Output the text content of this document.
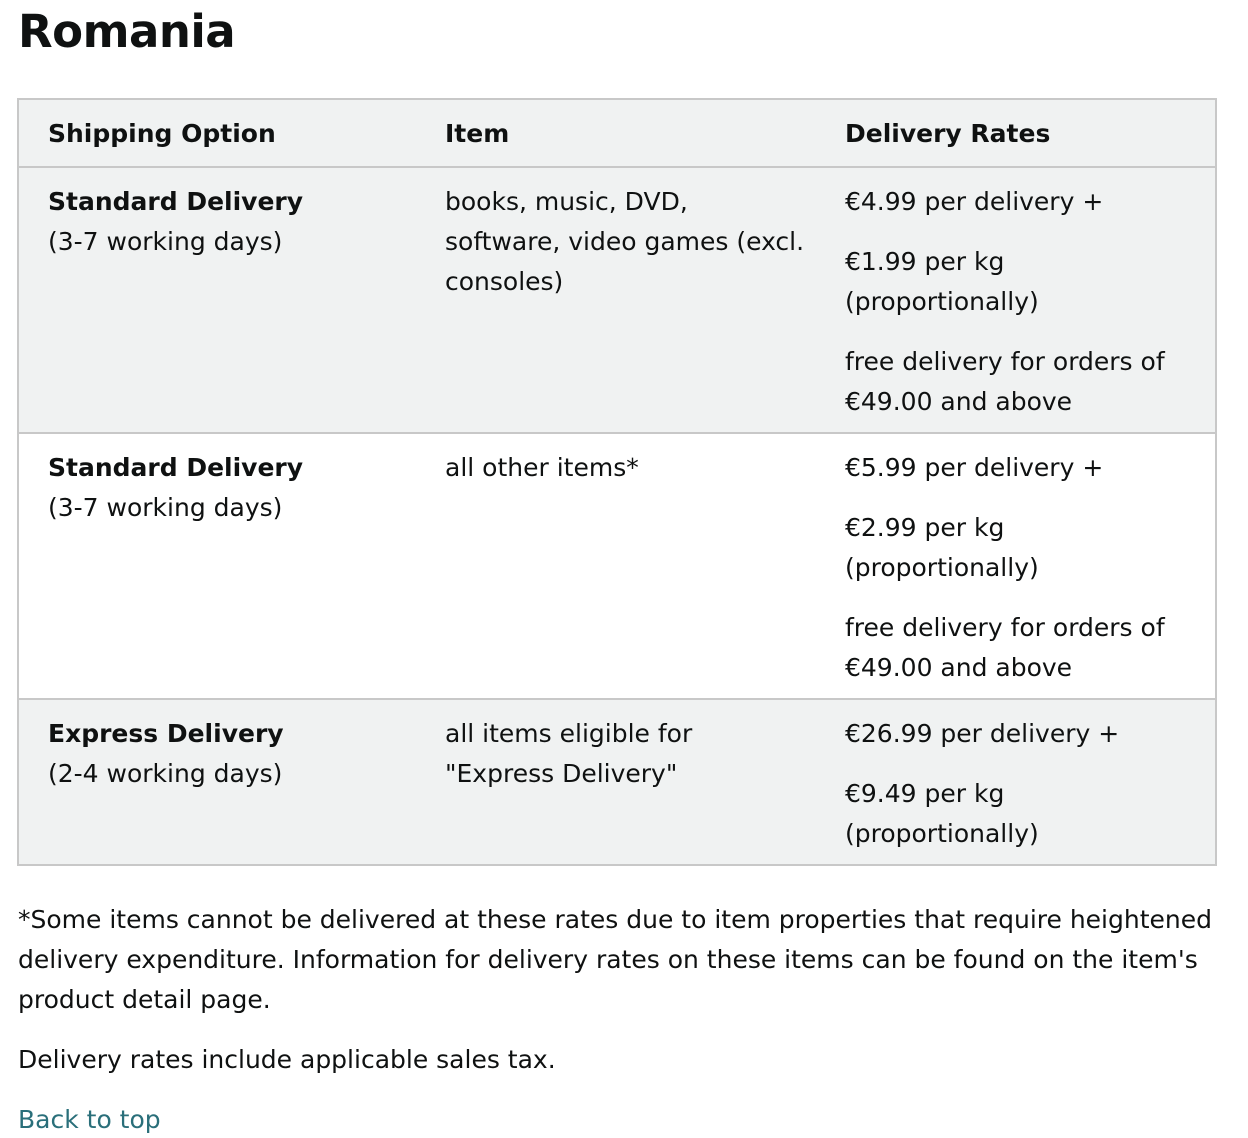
Romania
Shipping Option	Item	Delivery Rates

Standard Delivery
(3-7 working days)	books, music, DVD, software, video games (excl. consoles)	€4.99 per delivery +
€1.99 per kg (proportionally)
free delivery for orders of €49.00 and above

Standard Delivery
(3-7 working days)	all other items*	€5.99 per delivery +
€2.99 per kg (proportionally)
free delivery for orders of €49.00 and above

Express Delivery
(2-4 working days)	all items eligible for "Express Delivery"	€26.99 per delivery +
€9.49 per kg (proportionally)

*Some items cannot be delivered at these rates due to item properties that require heightened delivery expenditure. Information for delivery rates on these items can be found on the item's product detail page.

Delivery rates include applicable sales tax.

Back to top
